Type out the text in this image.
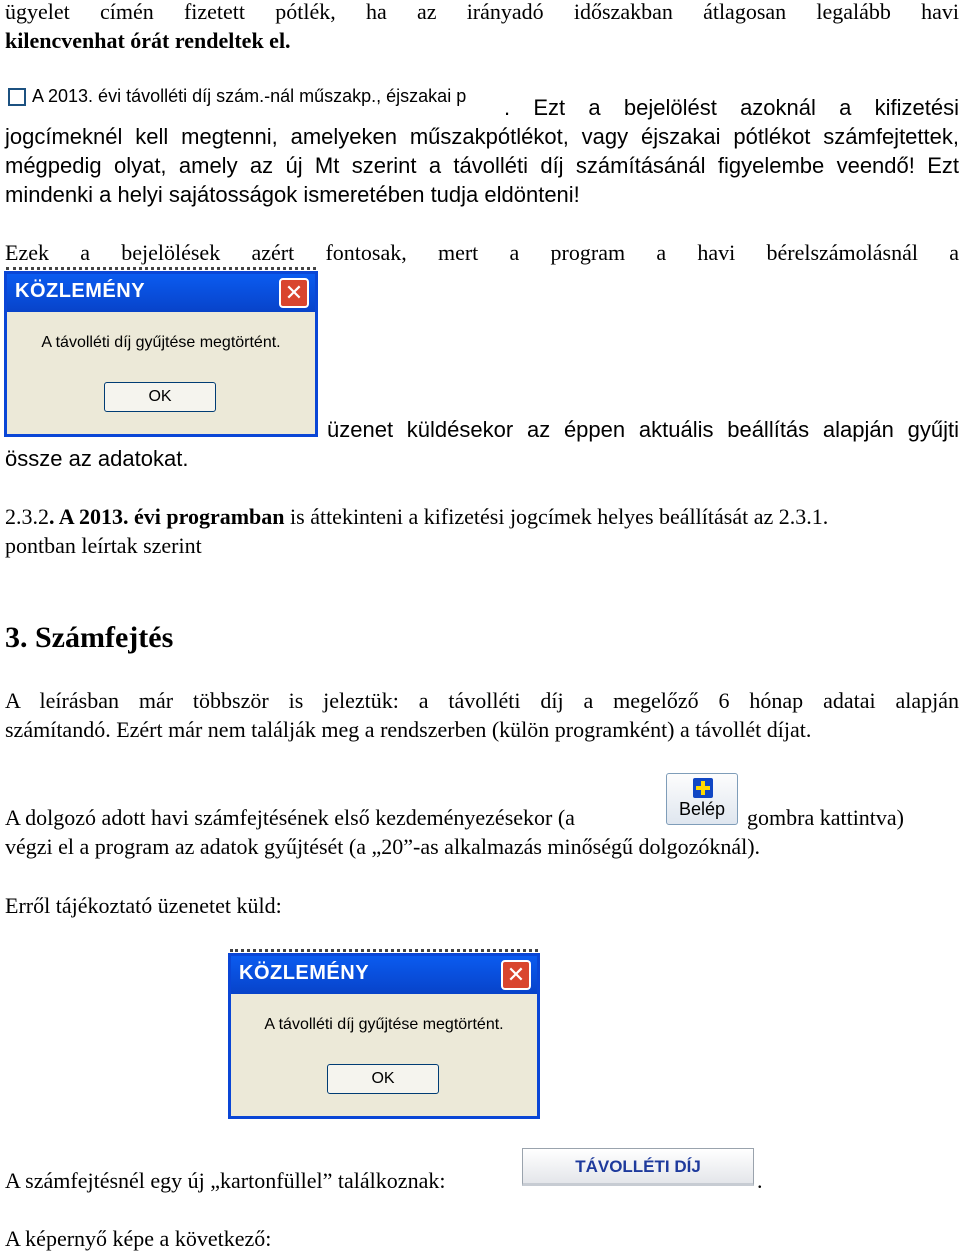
ügyelet címén fizetett pótlék, ha az irányadó időszakban átlagosan legalább havi
kilencvenhat órát rendeltek el.
A 2013. évi távolléti díj szám.-nál műszakp., éjszakai p . Ezt a bejelölést azoknál a kifizetési
jogcímeknél kell megtenni, amelyeken műszakpótlékot, vagy éjszakai pótlékot számfejtettek,
mégpedig olyat, amely az új Mt szerint a távolléti díj számításánál figyelembe veendő! Ezt
mindenki a helyi sajátosságok ismeretében tudja eldönteni!
Ezek a bejelölések azért fontosak, mert a program a havi bérelszámolásnál a
KÖZLEMÉNY	✕
A távolléti díj gyűjtése megtörtént.
OK
üzenet küldésekor az éppen aktuális beállítás alapján gyűjti
össze az adatokat.
2.3.2. A 2013. évi programban is áttekinteni a kifizetési jogcímek helyes beállítását az 2.3.1.
pontban leírtak szerint
3. Számfejtés
A leírásban már többször is jeleztük: a távolléti díj a megelőző 6 hónap adatai alapján
számítandó. Ezért már nem találják meg a rendszerben (külön programként) a távollét díjat.
A dolgozó adott havi számfejtésének első kezdeményezésekor (a	Belép gombra kattintva)
végzi el a program az adatok gyűjtését (a „20”-as alkalmazás minőségű dolgozóknál).
Erről tájékoztató üzenetet küld:
KÖZLEMÉNY	✕
A távolléti díj gyűjtése megtörtént.
OK
A számfejtésnél egy új „kartonfüllel” találkoznak:
TÁVOLLÉTI DÍJ
.
A képernyő képe a következő:
